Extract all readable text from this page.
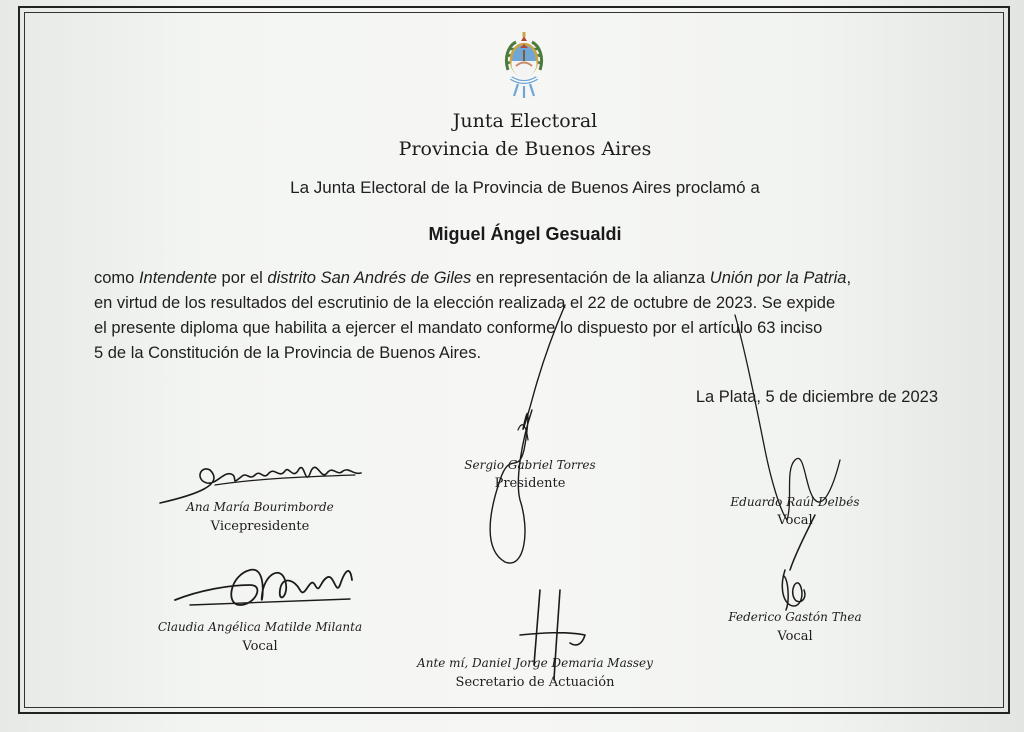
Junta Electoral
Provincia de Buenos Aires
La Junta Electoral de la Provincia de Buenos Aires proclamó a
Miguel Ángel Gesualdi

como Intendente por el distrito San Andrés de Giles en representación de la alianza Unión por la Patria,

en virtud de los resultados del escrutinio de la elección realizada el 22 de octubre de 2023. Se expide

el presente diploma que habilita a ejercer el mandato conforme lo dispuesto por el artículo 63 inciso

5 de la Constitución de la Provincia de Buenos Aires.

La Plata, 5 de diciembre de 2023
Sergio Gabriel Torres
Presidente
Ana María Bourimborde
Vicepresidente
Eduardo Raúl Delbés
Vocal
Claudia Angélica Matilde Milanta
Vocal
Federico Gastón Thea
Vocal
Ante mí, Daniel Jorge Demaria Massey
Secretario de Actuación
